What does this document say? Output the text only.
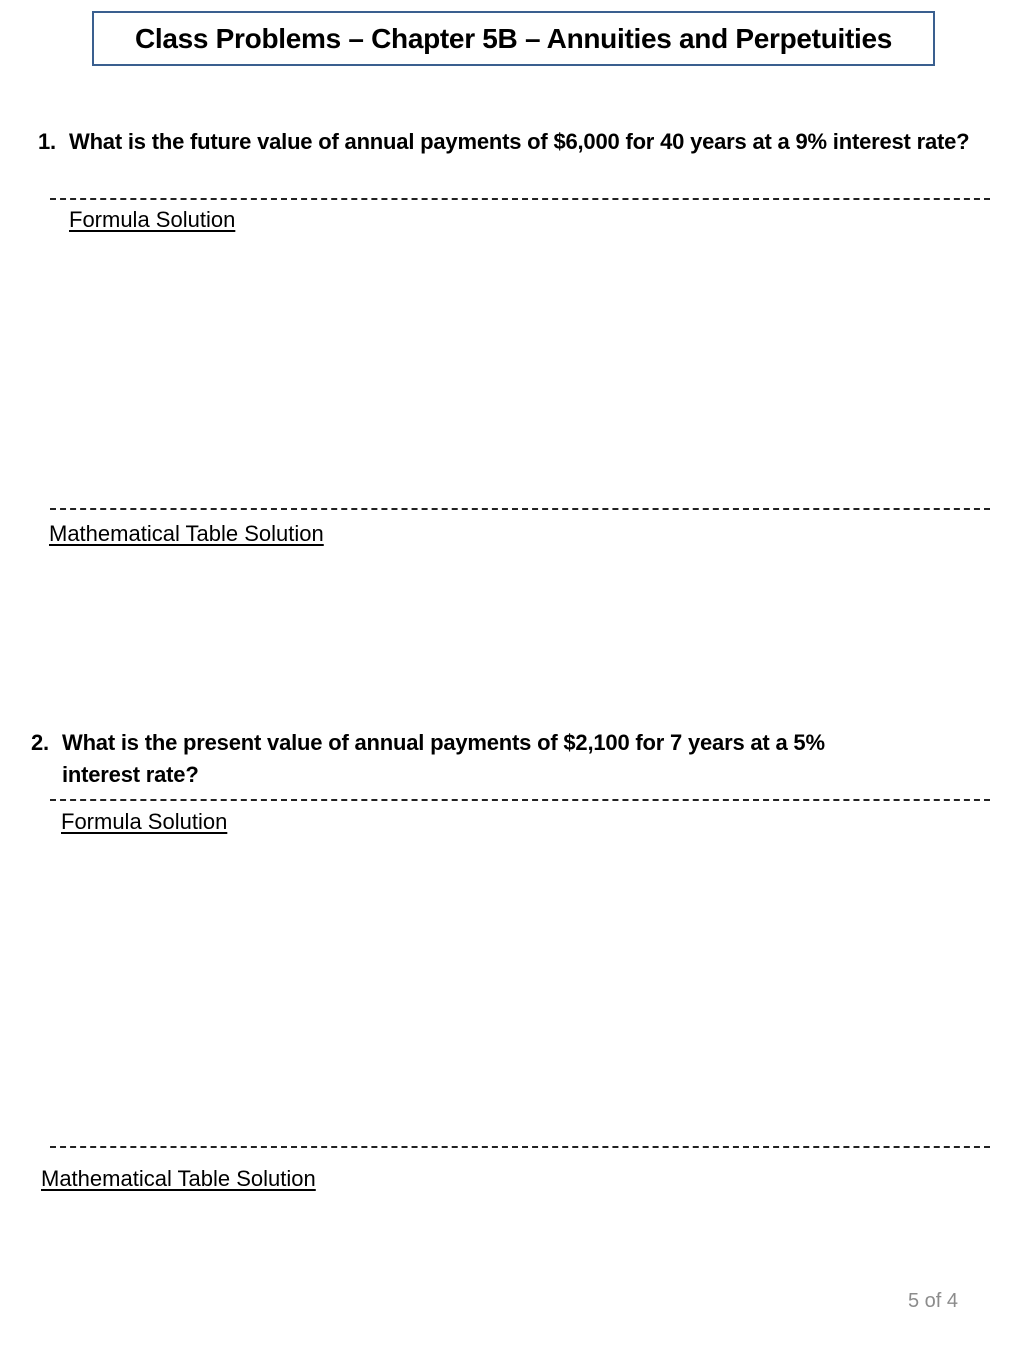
Class Problems – Chapter 5B – Annuities and Perpetuities
1. What is the future value of annual payments of $6,000 for 40 years at a 9% interest rate?
Formula Solution
Mathematical Table Solution
2. What is the present value of annual payments of $2,100 for 7 years at a 5% interest rate?
Formula Solution
Mathematical Table Solution
5 of 4
